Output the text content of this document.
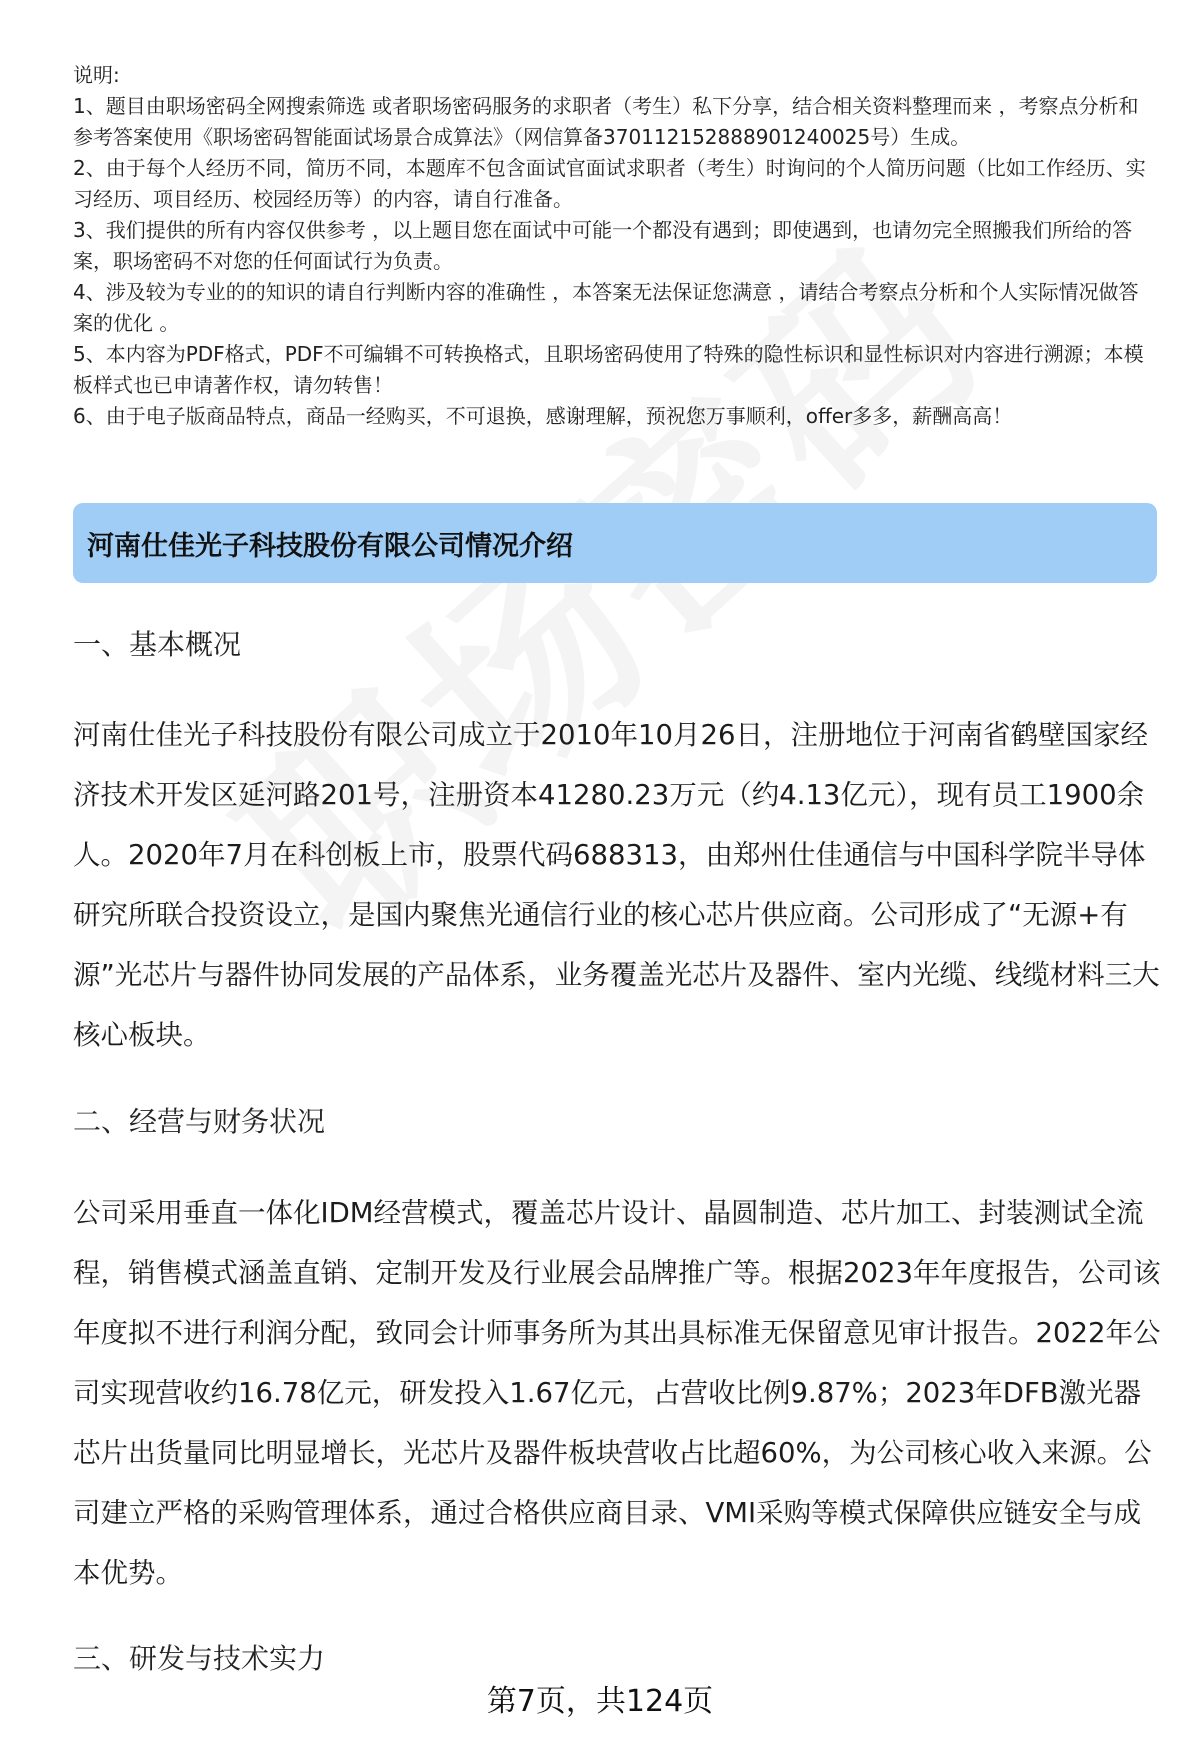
说明:

1、题目由职场密码全网搜索筛选 或者职场密码服务的求职者（考生）私下分享，结合相关资料整理而来 ，考察点分析和参考答案使用《职场密码智能面试场景合成算法》（网信算备370112152888901240025号）生成。

2、由于每个人经历不同，简历不同，本题库不包含面试官面试求职者（考生）时询问的个人简历问题（比如工作经历、实习经历、项目经历、校园经历等）的内容，请自行准备。

3、我们提供的所有内容仅供参考 ，以上题目您在面试中可能一个都没有遇到；即使遇到，也请勿完全照搬我们所给的答案，职场密码不对您的任何面试行为负责。

4、涉及较为专业的的知识的请自行判断内容的准确性 ，本答案无法保证您满意 ，请结合考察点分析和个人实际情况做答案的优化 。

5、本内容为PDF格式，PDF不可编辑不可转换格式，且职场密码使用了特殊的隐性标识和显性标识对内容进行溯源；本模板样式也已申请著作权，请勿转售！

6、由于电子版商品特点，商品一经购买，不可退换，感谢理解，预祝您万事顺利，offer多多，薪酬高高！

河南仕佳光子科技股份有限公司情况介绍
一、基本概况

河南仕佳光子科技股份有限公司成立于2010年10月26日，注册地位于河南省鹤壁国家经济技术开发区延河路201号，注册资本41280.23万元（约4.13亿元），现有员工1900余人。2020年7月在科创板上市，股票代码688313，由郑州仕佳通信与中国科学院半导体研究所联合投资设立，是国内聚焦光通信行业的核心芯片供应商。公司形成了“无源+有源”光芯片与器件协同发展的产品体系，业务覆盖光芯片及器件、室内光缆、线缆材料三大核心板块。

二、经营与财务状况

公司采用垂直一体化IDM经营模式，覆盖芯片设计、晶圆制造、芯片加工、封装测试全流程，销售模式涵盖直销、定制开发及行业展会品牌推广等。根据2023年年度报告，公司该年度拟不进行利润分配，致同会计师事务所为其出具标准无保留意见审计报告。2022年公司实现营收约16.78亿元，研发投入1.67亿元，占营收比例9.87%；2023年DFB激光器芯片出货量同比明显增长，光芯片及器件板块营收占比超60%，为公司核心收入来源。公司建立严格的采购管理体系，通过合格供应商目录、VMI采购等模式保障供应链安全与成本优势。

三、研发与技术实力
第7页，共124页
